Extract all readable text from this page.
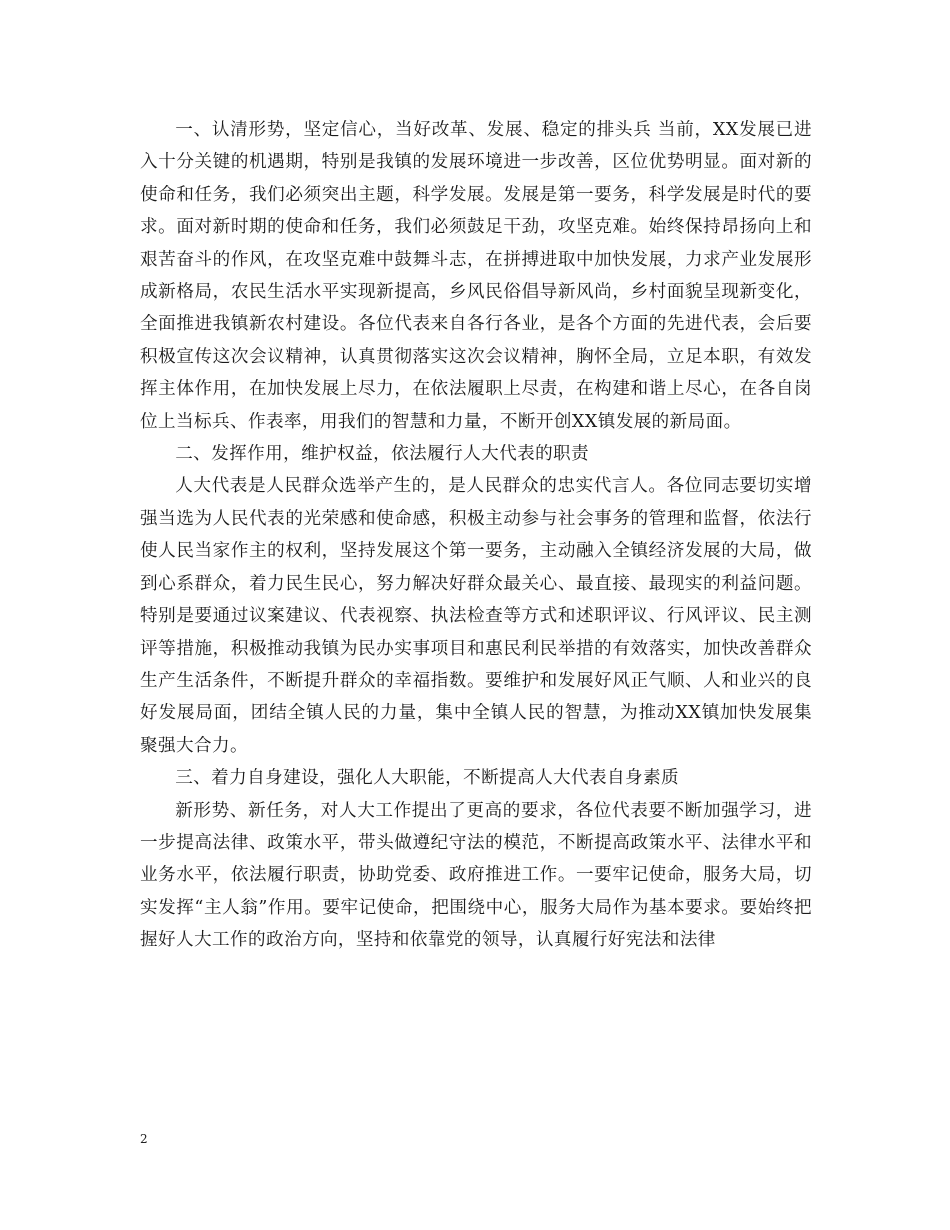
一、认清形势，坚定信心，当好改革、发展、稳定的排头兵 当前，XX发展已进入十分关键的机遇期，特别是我镇的发展环境进一步改善，区位优势明显。面对新的使命和任务，我们必须突出主题，科学发展。发展是第一要务，科学发展是时代的要求。面对新时期的使命和任务，我们必须鼓足干劲，攻坚克难。始终保持昂扬向上和艰苦奋斗的作风，在攻坚克难中鼓舞斗志，在拼搏进取中加快发展，力求产业发展形成新格局，农民生活水平实现新提高，乡风民俗倡导新风尚，乡村面貌呈现新变化，全面推进我镇新农村建设。各位代表来自各行各业，是各个方面的先进代表，会后要积极宣传这次会议精神，认真贯彻落实这次会议精神，胸怀全局，立足本职，有效发挥主体作用，在加快发展上尽力，在依法履职上尽责，在构建和谐上尽心，在各自岗位上当标兵、作表率，用我们的智慧和力量，不断开创XX镇发展的新局面。

二、发挥作用，维护权益，依法履行人大代表的职责

人大代表是人民群众选举产生的，是人民群众的忠实代言人。各位同志要切实增强当选为人民代表的光荣感和使命感，积极主动参与社会事务的管理和监督，依法行使人民当家作主的权利，坚持发展这个第一要务，主动融入全镇经济发展的大局，做到心系群众，着力民生民心，努力解决好群众最关心、最直接、最现实的利益问题。特别是要通过议案建议、代表视察、执法检查等方式和述职评议、行风评议、民主测评等措施，积极推动我镇为民办实事项目和惠民利民举措的有效落实，加快改善群众生产生活条件，不断提升群众的幸福指数。要维护和发展好风正气顺、人和业兴的良好发展局面，团结全镇人民的力量，集中全镇人民的智慧，为推动XX镇加快发展集聚强大合力。

三、着力自身建设，强化人大职能，不断提高人大代表自身素质

新形势、新任务，对人大工作提出了更高的要求，各位代表要不断加强学习，进一步提高法律、政策水平，带头做遵纪守法的模范，不断提高政策水平、法律水平和业务水平，依法履行职责，协助党委、政府推进工作。一要牢记使命，服务大局，切实发挥“主人翁”作用。要牢记使命，把围绕中心，服务大局作为基本要求。要始终把握好人大工作的政治方向，坚持和依靠党的领导，认真履行好宪法和法律

2
